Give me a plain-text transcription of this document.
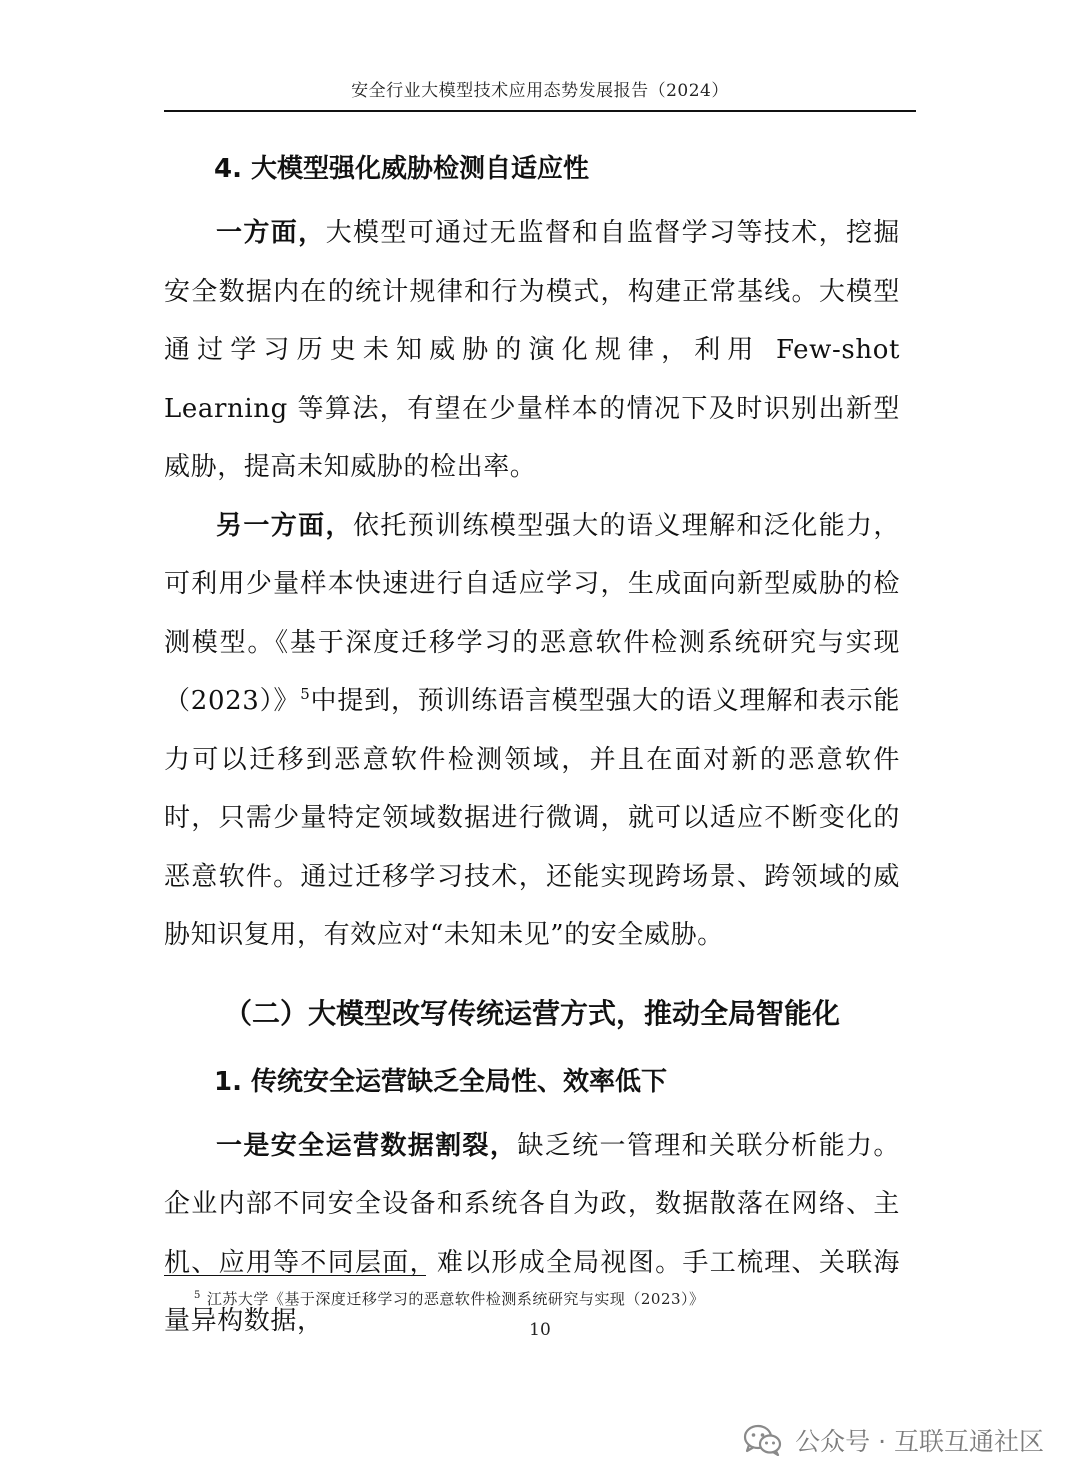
安全行业大模型技术应用态势发展报告（2024）

4. 大模型强化威胁检测自适应性

一方面，大模型可通过无监督和自监督学习等技术，挖掘安全数据内在的统计规律和行为模式，构建正常基线。大模型通过学习历史未知威胁的演化规律，利用 Few-shot Learning 等算法，有望在少量样本的情况下及时识别出新型威胁，提高未知威胁的检出率。

另一方面，依托预训练模型强大的语义理解和泛化能力，可利用少量样本快速进行自适应学习，生成面向新型威胁的检测模型。《基于深度迁移学习的恶意软件检测系统研究与实现（2023）》$^5$中提到，预训练语言模型强大的语义理解和表示能力可以迁移到恶意软件检测领域，并且在面对新的恶意软件时，只需少量特定领域数据进行微调，就可以适应不断变化的恶意软件。通过迁移学习技术，还能实现跨场景、跨领域的威胁知识复用，有效应对“未知未见”的安全威胁。

（二）大模型改写传统运营方式，推动全局智能化

1. 传统安全运营缺乏全局性、效率低下

一是安全运营数据割裂，缺乏统一管理和关联分析能力。企业内部不同安全设备和系统各自为政，数据散落在网络、主机、应用等不同层面，难以形成全局视图。手工梳理、关联海量异构数据，

$^5$ 江苏大学《基于深度迁移学习的恶意软件检测系统研究与实现（2023）》
10
公众号 · 互联互通社区
